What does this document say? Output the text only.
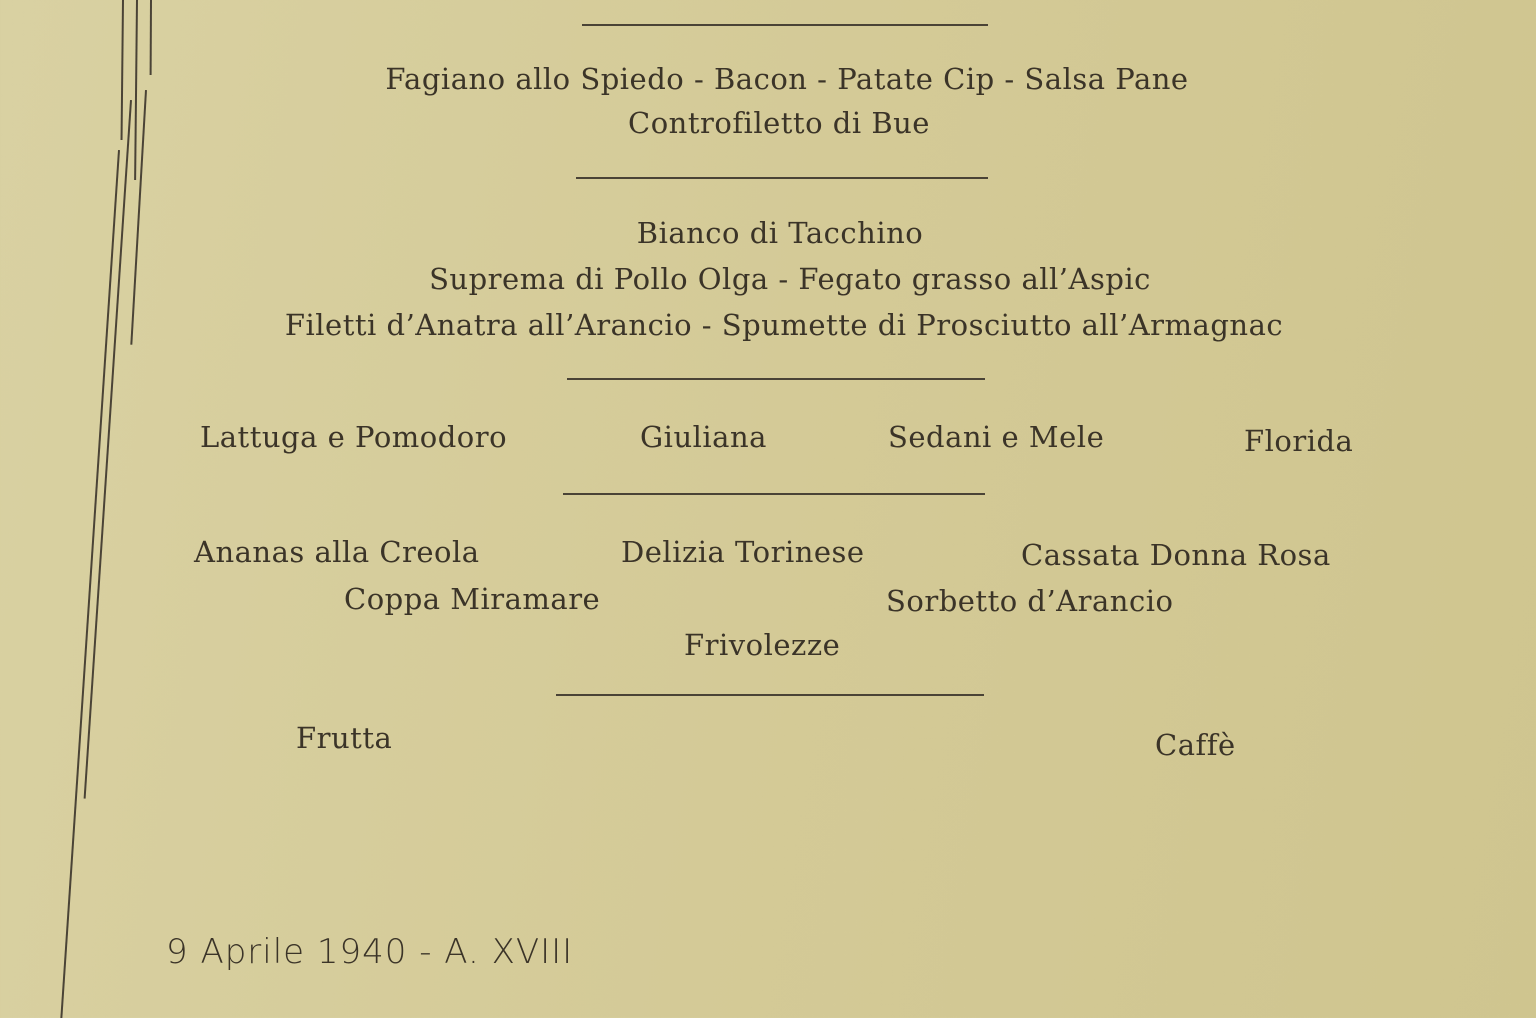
Fagiano allo Spiedo - Bacon - Patate Cip - Salsa Pane
Controfiletto di Bue
Bianco di Tacchino
Suprema di Pollo Olga - Fegato grasso all’Aspic
Filetti d’Anatra all’Arancio - Spumette di Prosciutto all’Armagnac
Lattuga e Pomodoro	Giuliana	Sedani e Mele	Florida
Ananas alla Creola	Delizia Torinese	Cassata Donna Rosa
Coppa Miramare	Sorbetto d’Arancio
Frivolezze
Frutta	Caffè
9 Aprile 1940 - A. XVIII
